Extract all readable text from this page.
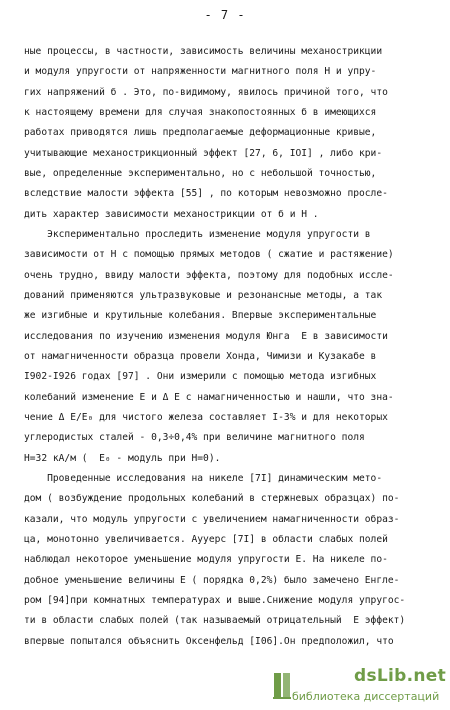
- 7 -
ные процессы, в частности, зависимость величины механострикции
и модуля упругости от напряженности магнитного поля Н и упру-
гих напряжений б . Это, по-видимому, явилось причиной того, что
к настоящему времени для случая знакопостоянных б в имеющихся
работах приводятся лишь предполагаемые деформационные кривые,
учитывающие механострикционный эффект [27, 6, IOI] , либо кри-
вые, определенные экспериментально, но с небольшой точностью,
вследствие малости эффекта [55] , по которым невозможно просле-
дить характер зависимости механострикции от б и Н .
Экспериментально проследить изменение модуля упругости в
зависимости от Н с помощью прямых методов ( сжатие и растяжение)
очень трудно, ввиду малости эффекта, поэтому для подобных иссле-
дований применяются ультразвуковые и резонансные методы, а так
же изгибные и крутильные колебания. Впервые экспериментальные
исследования по изучению изменения модуля Юнга  Е в зависимости
от намагниченности образца провели Хонда, Чимизи и Кузакабе в
I902-I926 годах [97] . Они измерили с помощью метода изгибных
колебаний изменение Е и Δ Е с намагниченностью и нашли, что зна-
чение Δ E/E₀ для чистого железа составляет I-3% и для некоторых
углеродистых сталей - 0,3÷0,4% при величине магнитного поля
Н=32 кА/м (  E₀ - модуль при Н=0).
Проведенные исследования на никеле [7I] динамическим мето-
дом ( возбуждение продольных колебаний в стержневых образцах) по-
казали, что модуль упругости с увеличением намагниченности образ-
ца, монотонно увеличивается. Аууерс [7I] в области слабых полей
наблюдал некоторое уменьшение модуля упругости Е. На никеле по-
добное уменьшение величины E ( порядка 0,2%) было замечено Енглe-
ром [94]при комнатных температурах и выше.Снижение модуля упругос-
ти в области слабых полей (так называемый отрицательный  Е эффект)
впервые попытался объяснить Оксенфельд [I06].Он предполoжил, что
dsLib.net
библиотека диссертаций
